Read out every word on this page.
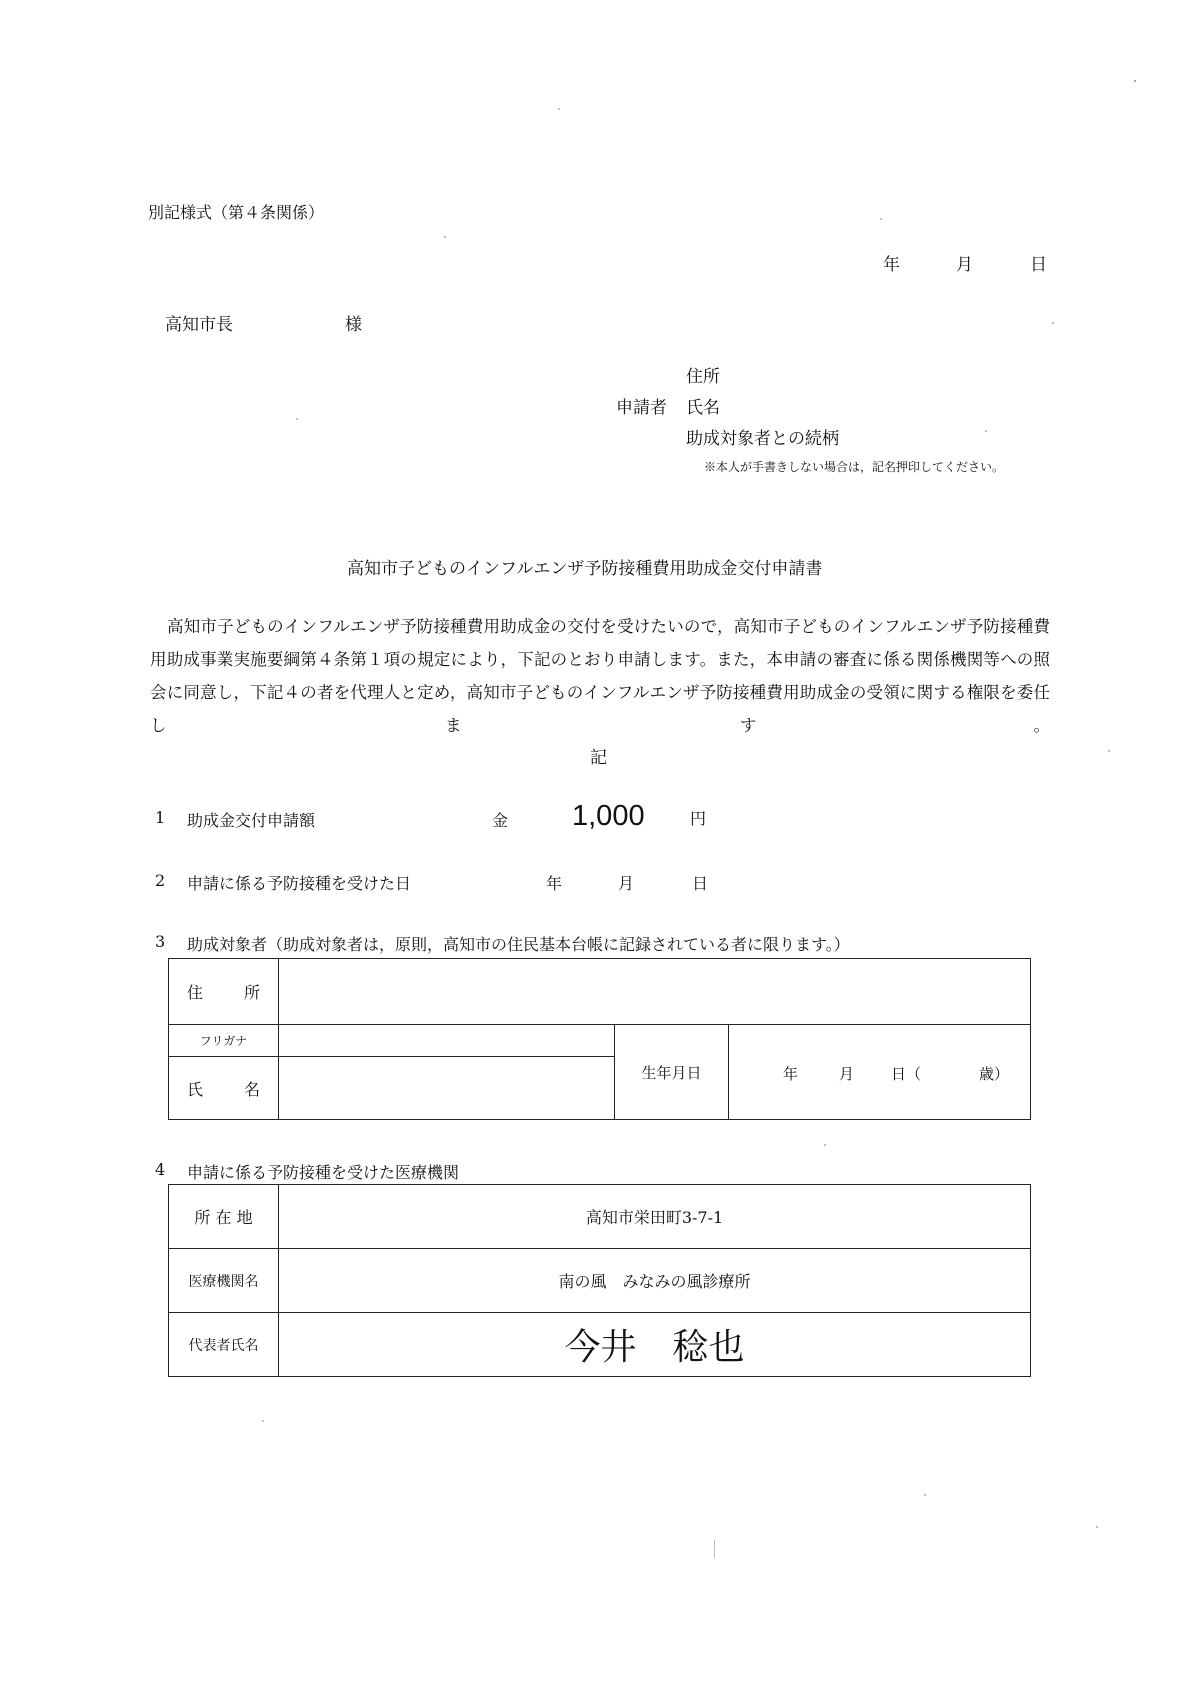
別記様式（第４条関係）
年	月	日
高知市長	様
住所
申請者 氏名
助成対象者との続柄
※本人が手書きしない場合は，記名押印してください。
高知市子どものインフルエンザ予防接種費用助成金交付申請書

高知市子どものインフルエンザ予防接種費用助成金の交付を受けたいので，高知市子どものインフルエンザ予防接種費用助成事業実施要綱第４条第１項の規定により，下記のとおり申請します。また，本申請の審査に係る関係機関等への照会に同意し，下記４の者を代理人と定め，高知市子どものインフルエンザ予防接種費用助成金の受領に関する権限を委任します。

記
1 助成金交付申請額	金 1,000	円
2 申請に係る予防接種を受けた日	年	月	日
3 助成対象者（助成対象者は，原則，高知市の住民基本台帳に記録されている者に限ります。）
住 所			

フリガナ		生年月日	年 月 日（ 歳）

氏 名			

4 申請に係る予防接種を受けた医療機関
所 在 地	高知市栄田町3-7-1
医療機関名	南の風　みなみの風診療所
代表者氏名	今井　稔也
